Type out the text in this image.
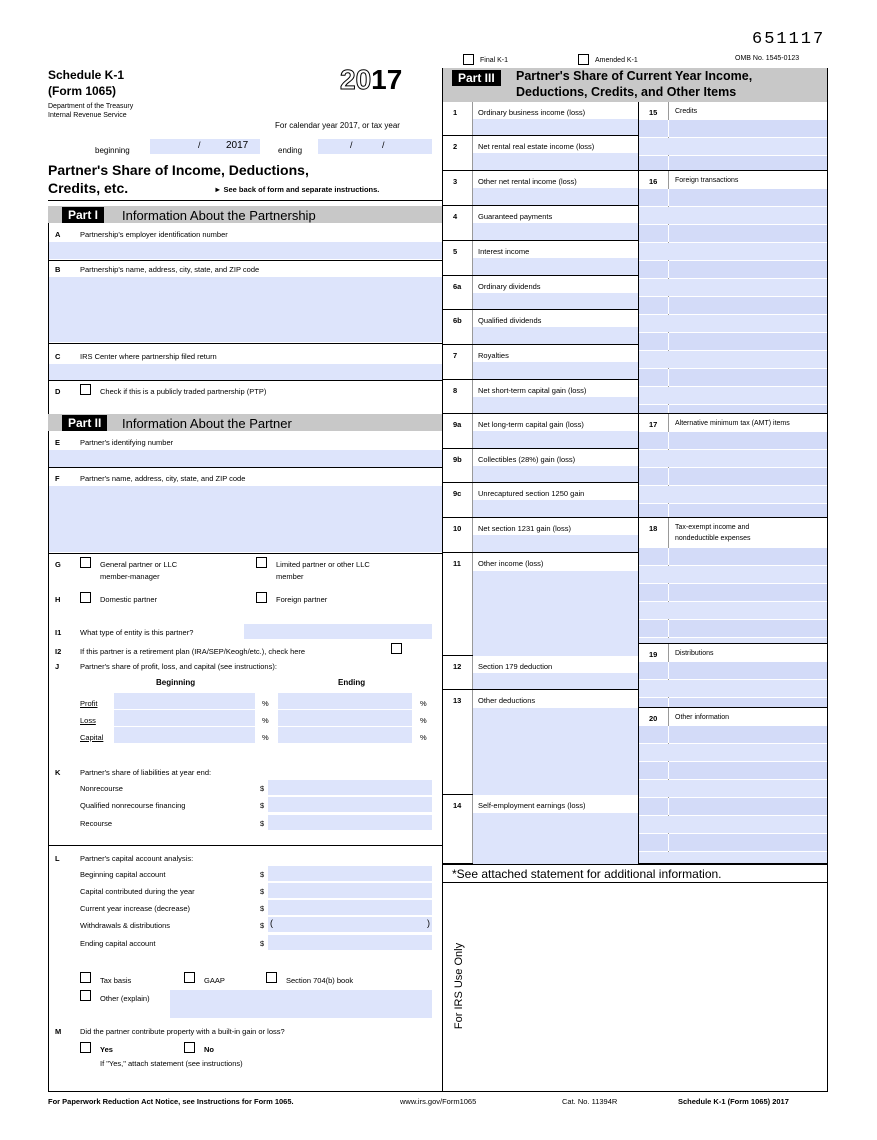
651117
Final K-1	Amended K-1	OMB No. 1545-0123
Schedule K-1
(Form 1065)
Department of the Treasury
Internal Revenue Service
2017
For calendar year 2017, or tax year
beginning
/	2017	ending
/	/
Partner's Share of Income, Deductions,
Credits, etc.	► See back of form and separate instructions.
Part I	Information About the Partnership
A	Partnership's employer identification number
B	Partnership's name, address, city, state, and ZIP code
C	IRS Center where partnership filed return
D	Check if this is a publicly traded partnership (PTP)
Part II	Information About the Partner
E	Partner's identifying number
F	Partner's name, address, city, state, and ZIP code
G	General partner or LLC
member-manager
Limited partner or other LLC
member
H	Domestic partner	Foreign partner
I1 What type of entity is this partner?
I2 If this partner is a retirement plan (IRA/SEP/Keogh/etc.), check here
J	Partner's share of profit, loss, and capital (see instructions):
Beginning	Ending
Profit	%	%
Loss	%	%
Capital	%	%
K	Partner's share of liabilities at year end:
Nonrecourse	$
Qualified nonrecourse financing	$
Recourse	$
L	Partner's capital account analysis:
Beginning capital account	$
Capital contributed during the year	$
Current year increase (decrease)	$
Withdrawals & distributions	$ (	)
Ending capital account	$
Tax basis	GAAP	Section 704(b) book
Other (explain)
M	Did the partner contribute property with a built-in gain or loss?
Yes	No
If "Yes," attach statement (see instructions)
Part III	Partner's Share of Current Year Income,
Deductions, Credits, and Other Items
1	Ordinary business income (loss)
2	Net rental real estate income (loss)
3	Other net rental income (loss)
4	Guaranteed payments
5	Interest income
6a Ordinary dividends
6b Qualified dividends
7	Royalties
8	Net short-term capital gain (loss)
9a Net long-term capital gain (loss)
9b Collectibles (28%) gain (loss)
9c Unrecaptured section 1250 gain
10 Net section 1231 gain (loss)
11 Other income (loss)
12 Section 179 deduction
13 Other deductions
14 Self-employment earnings (loss)
15	Credits
16	Foreign transactions
17	Alternative minimum tax (AMT) items
18	Tax-exempt income and
nondeductible expenses
19	Distributions
20	Other information
*See attached statement for additional information.
For IRS Use Only
For Paperwork Reduction Act Notice, see Instructions for Form 1065.	www.irs.gov/Form1065	Cat. No. 11394R	Schedule K-1 (Form 1065) 2017
